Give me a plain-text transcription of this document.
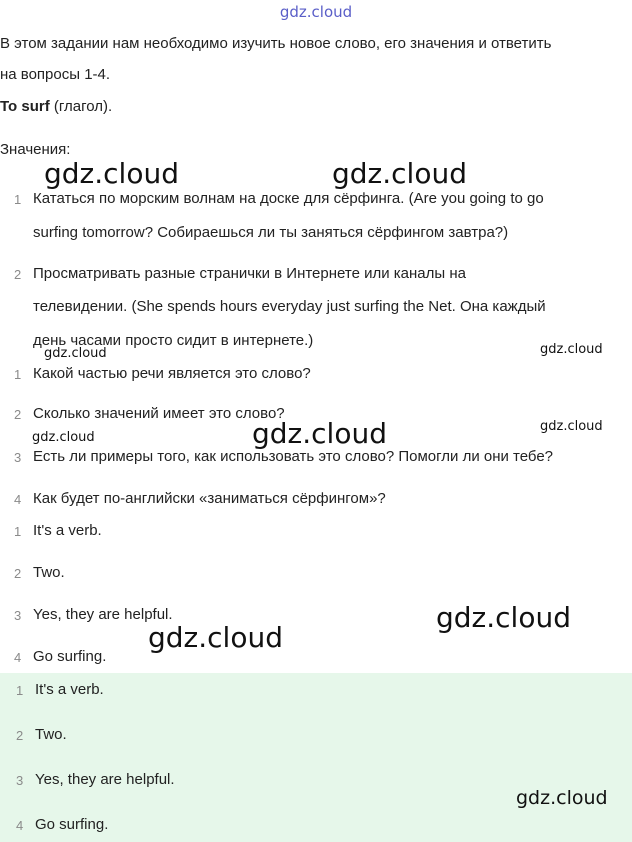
gdz.cloud
В этом задании нам необходимо изучить новое слово, его значения и ответить
на вопросы 1-4.
To surf (глагол).
Значения:
1 Кататься по морским волнам на доске для сёрфинга. (Are you going to go
surfing tomorrow? Собираешься ли ты заняться сёрфингом завтра?)
2 Просматривать разные странички в Интернете или каналы на
телевидении. (She spends hours everyday just surfing the Net. Она каждый
день часами просто сидит в интернете.)
1 Какой частью речи является это слово?
2 Сколько значений имеет это слово?
3 Есть ли примеры того, как использовать это слово? Помогли ли они тебе?
4 Как будет по-английски «заниматься сёрфингом»?
1 It's a verb.
2 Two.
3 Yes, they are helpful.
4 Go surfing.
1 It's a verb.
2 Two.
3 Yes, they are helpful.
4 Go surfing.
gdz.cloud	gdz.cloud
gdz.cloud	gdz.cloud
gdz.cloud
gdz.cloud	gdz.cloud
gdz.cloud
gdz.cloud
gdz.cloud
